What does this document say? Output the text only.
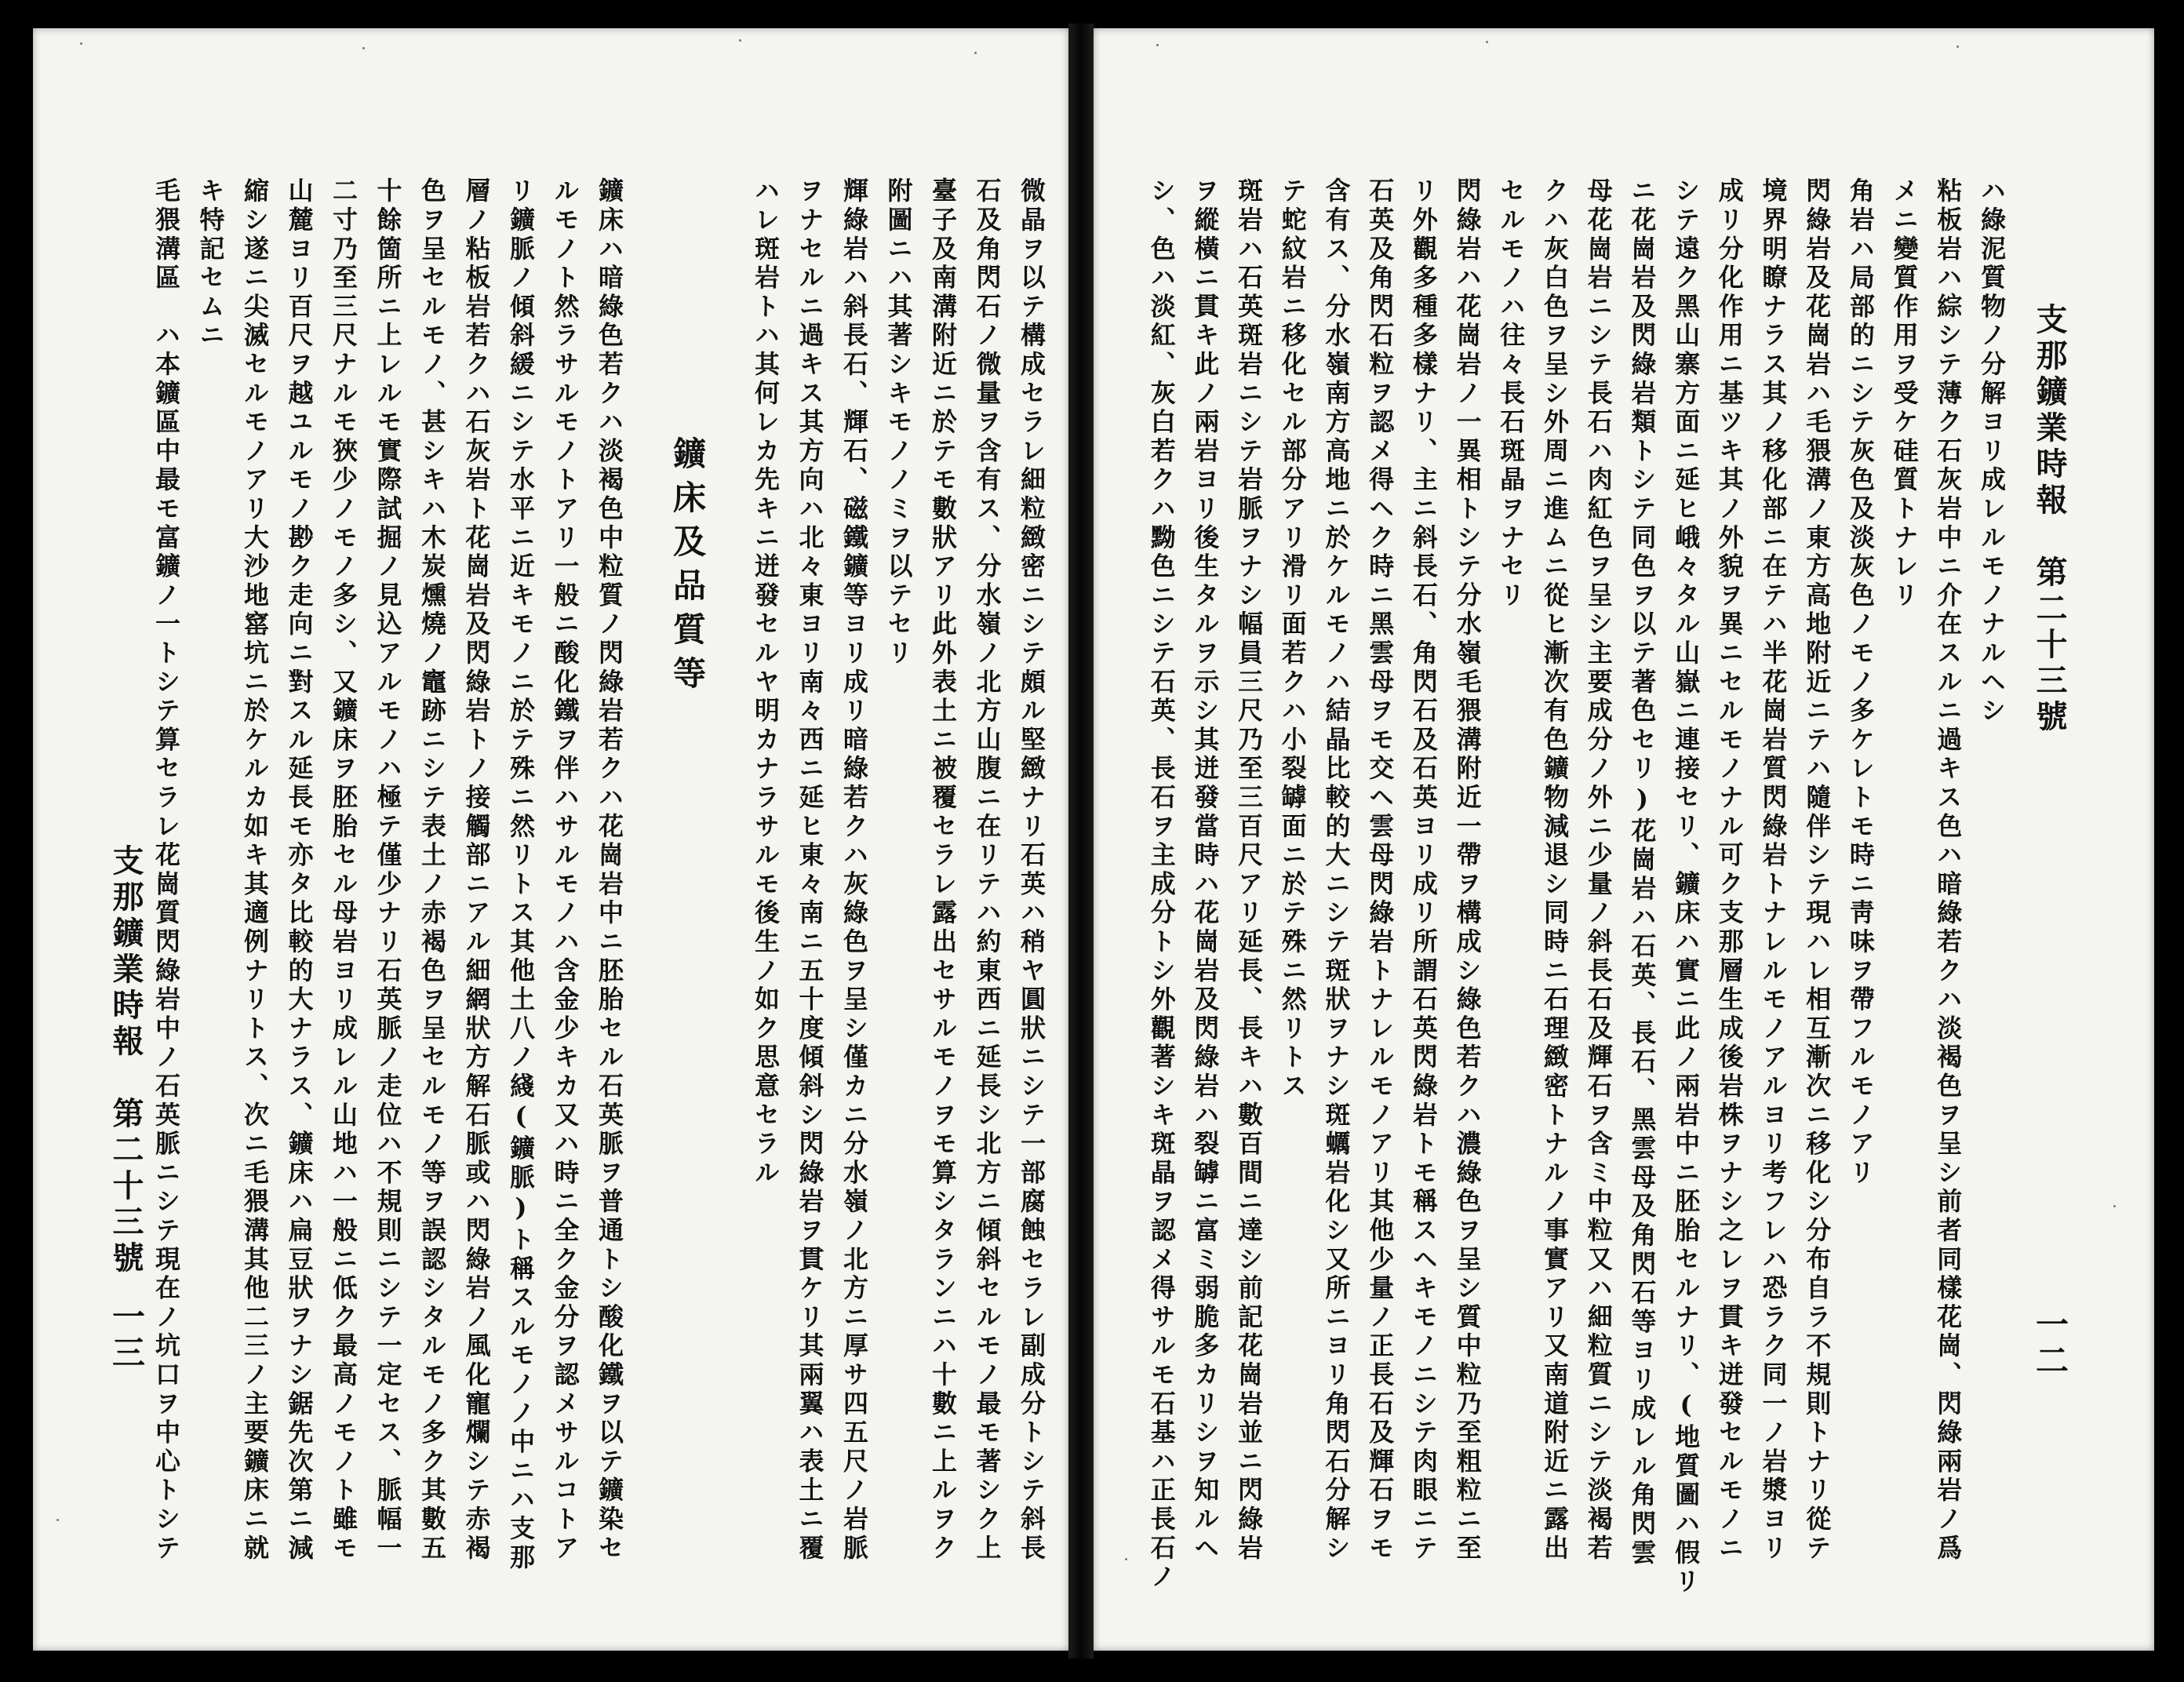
支那鑛業時報　第二十三號
一三	微晶ヲ以テ構成セラレ細粒緻密ニシテ頗ル堅緻ナリ石英ハ稍ヤ圓狀ニシテ一部腐蝕セラレ副成分トシテ斜長
石及角閃石ノ微量ヲ含有ス、分水嶺ノ北方山腹ニ在リテハ約東西ニ延長シ北方ニ傾斜セルモノ最モ著シク上
臺子及南溝附近ニ於テモ數狀アリ此外表土ニ被覆セラレ露出セサルモノヲモ算シタランニハ十數ニ上ルヲク
附圖ニハ其著シキモノノミヲ以テセリ
輝綠岩ハ斜長石、輝石、磁鐵鑛等ヨリ成リ暗綠若クハ灰綠色ヲ呈シ僅カニ分水嶺ノ北方ニ厚サ四五尺ノ岩脈
ヲナセルニ過キス其方向ハ北々東ヨリ南々西ニ延ヒ東々南ニ五十度傾斜シ閃綠岩ヲ貫ケリ其兩翼ハ表土ニ覆
ハレ斑岩トハ其何レカ先キニ迸發セルヤ明カナラサルモ後生ノ如ク思意セラル
鑛床及品質等
鑛床ハ暗綠色若クハ淡褐色中粒質ノ閃綠岩若クハ花崗岩中ニ胚胎セル石英脈ヲ普通トシ酸化鐵ヲ以テ鑛染セ
ルモノト然ラサルモノトアリ一般ニ酸化鐵ヲ伴ハサルモノハ含金少キカ又ハ時ニ全ク金分ヲ認メサルコトア
リ鑛脈ノ傾斜緩ニシテ水平ニ近キモノニ於テ殊ニ然リトス其他土八ノ綫(鑛脈)ト稱スルモノノ中ニハ支那
層ノ粘板岩若クハ石灰岩ト花崗岩及閃綠岩トノ接觸部ニアル細網狀方解石脈或ハ閃綠岩ノ風化寵爛シテ赤褐
色ヲ呈セルモノ、甚シキハ木炭燻燒ノ竈跡ニシテ表土ノ赤褐色ヲ呈セルモノ等ヲ誤認シタルモノ多ク其數五
十餘箇所ニ上レルモ實際試掘ノ見込アルモノハ極テ僅少ナリ石英脈ノ走位ハ不規則ニシテ一定セス、脈幅一
二寸乃至三尺ナルモ狹少ノモノ多シ、又鑛床ヲ胚胎セル母岩ヨリ成レル山地ハ一般ニ低ク最高ノモノト雖モ
山麓ヨリ百尺ヲ越ユルモノ尠ク走向ニ對スル延長モ亦タ比較的大ナラス、鑛床ハ扁豆狀ヲナシ鋸先次第ニ減
縮シ遂ニ尖滅セルモノアリ大沙地窰坑ニ於ケルカ如キ其適例ナリトス、次ニ毛猥溝其他二三ノ主要鑛床ニ就
キ特記セムニ
毛猥溝區　ハ本鑛區中最モ富鑛ノ一トシテ算セラレ花崗質閃綠岩中ノ石英脈ニシテ現在ノ坑口ヲ中心トシテ	支那鑛業時報　第二十三號
一二
ハ綠泥質物ノ分解ヨリ成レルモノナルヘシ
粘板岩ハ綜シテ薄ク石灰岩中ニ介在スルニ過キス色ハ暗綠若クハ淡褐色ヲ呈シ前者同樣花崗、閃綠兩岩ノ爲
メニ變質作用ヲ受ケ硅質トナレリ
角岩ハ局部的ニシテ灰色及淡灰色ノモノ多ケレトモ時ニ靑味ヲ帶フルモノアリ
閃綠岩及花崗岩ハ毛猥溝ノ東方高地附近ニテハ隨伴シテ現ハレ相互漸次ニ移化シ分布自ラ不規則トナリ從テ
境界明瞭ナラス其ノ移化部ニ在テハ半花崗岩質閃綠岩トナレルモノアルヨリ考フレハ恐ラク同一ノ岩漿ヨリ
成リ分化作用ニ基ツキ其ノ外貌ヲ異ニセルモノナル可ク支那層生成後岩株ヲナシ之レヲ貫キ迸發セルモノニ
シテ遠ク黑山寨方面ニ延ヒ峨々タル山嶽ニ連接セリ、鑛床ハ實ニ此ノ兩岩中ニ胚胎セルナリ、(地質圖ハ假リ
ニ花崗岩及閃綠岩類トシテ同色ヲ以テ著色セリ)花崗岩ハ石英、長石、黑雲母及角閃石等ヨリ成レル角閃雲
母花崗岩ニシテ長石ハ肉紅色ヲ呈シ主要成分ノ外ニ少量ノ斜長石及輝石ヲ含ミ中粒又ハ細粒質ニシテ淡褐若
クハ灰白色ヲ呈シ外周ニ進ムニ從ヒ漸次有色鑛物減退シ同時ニ石理緻密トナルノ事實アリ又南道附近ニ露出
セルモノハ往々長石斑晶ヲナセリ
閃綠岩ハ花崗岩ノ一異相トシテ分水嶺毛猥溝附近一帶ヲ構成シ綠色若クハ濃綠色ヲ呈シ質中粒乃至粗粒ニ至
リ外觀多種多樣ナリ、主ニ斜長石、角閃石及石英ヨリ成リ所謂石英閃綠岩トモ稱スヘキモノニシテ肉眼ニテ
石英及角閃石粒ヲ認メ得ヘク時ニ黑雲母ヲモ交ヘ雲母閃綠岩トナレルモノアリ其他少量ノ正長石及輝石ヲモ
含有ス、分水嶺南方高地ニ於ケルモノハ結晶比較的大ニシテ斑狀ヲナシ斑蠣岩化シ又所ニヨリ角閃石分解シ
テ蛇紋岩ニ移化セル部分アリ滑リ面若クハ小裂罅面ニ於テ殊ニ然リトス
斑岩ハ石英斑岩ニシテ岩脈ヲナシ幅員三尺乃至三百尺アリ延長、長キハ數百間ニ達シ前記花崗岩並ニ閃綠岩
ヲ縱橫ニ貫キ此ノ兩岩ヨリ後生タルヲ示シ其迸發當時ハ花崗岩及閃綠岩ハ裂罅ニ富ミ弱脆多カリシヲ知ルヘ
シ、色ハ淡紅、灰白若クハ黝色ニシテ石英、長石ヲ主成分トシ外觀著シキ斑晶ヲ認メ得サルモ石基ハ正長石ノ
